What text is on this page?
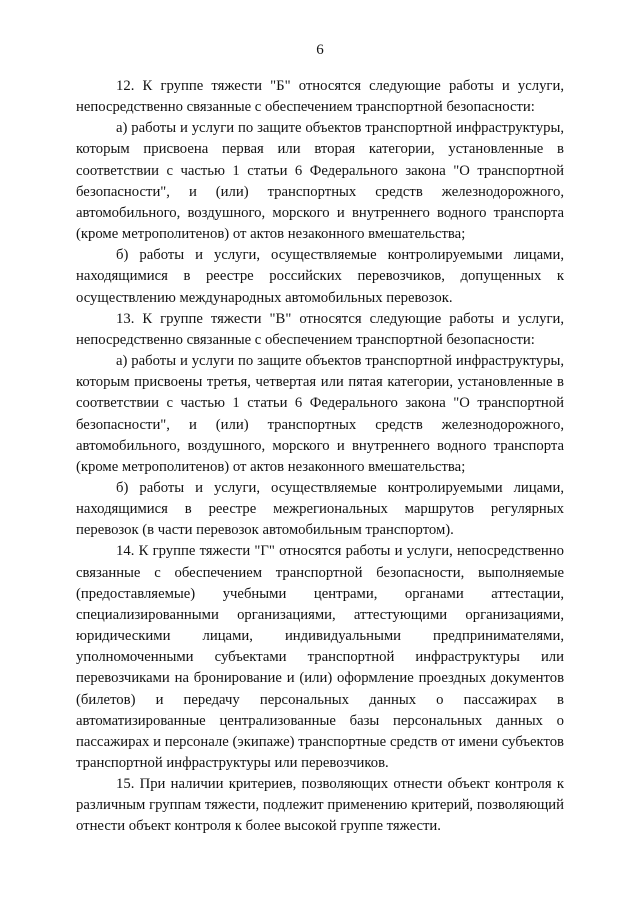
6

12. К группе тяжести "Б" относятся следующие работы и услуги, непосредственно связанные с обеспечением транспортной безопасности:

а) работы и услуги по защите объектов транспортной инфраструктуры, которым присвоена первая или вторая категории, установленные в соответствии с частью 1 статьи 6 Федерального закона "О транспортной безопасности", и (или) транспортных средств железнодорожного, автомобильного, воздушного, морского и внутреннего водного транспорта (кроме метрополитенов) от актов незаконного вмешательства;

б) работы и услуги, осуществляемые контролируемыми лицами, находящимися в реестре российских перевозчиков, допущенных к осуществлению международных автомобильных перевозок.

13. К группе тяжести "В" относятся следующие работы и услуги, непосредственно связанные с обеспечением транспортной безопасности:

а) работы и услуги по защите объектов транспортной инфраструктуры, которым присвоены третья, четвертая или пятая категории, установленные в соответствии с частью 1 статьи 6 Федерального закона "О транспортной безопасности", и (или) транспортных средств железнодорожного, автомобильного, воздушного, морского и внутреннего водного транспорта (кроме метрополитенов) от актов незаконного вмешательства;

б) работы и услуги, осуществляемые контролируемыми лицами, находящимися в реестре межрегиональных маршрутов регулярных перевозок (в части перевозок автомобильным транспортом).

14. К группе тяжести "Г" относятся работы и услуги, непосредственно связанные с обеспечением транспортной безопасности, выполняемые (предоставляемые) учебными центрами, органами аттестации, специализированными организациями, аттестующими организациями, юридическими лицами, индивидуальными предпринимателями, уполномоченными субъектами транспортной инфраструктуры или перевозчиками на бронирование и (или) оформление проездных документов (билетов) и передачу персональных данных о пассажирах в автоматизированные централизованные базы персональных данных о пассажирах и персонале (экипаже) транспортные средств от имени субъектов транспортной инфраструктуры или перевозчиков.

15. При наличии критериев, позволяющих отнести объект контроля к различным группам тяжести, подлежит применению критерий, позволяющий отнести объект контроля к более высокой группе тяжести.
